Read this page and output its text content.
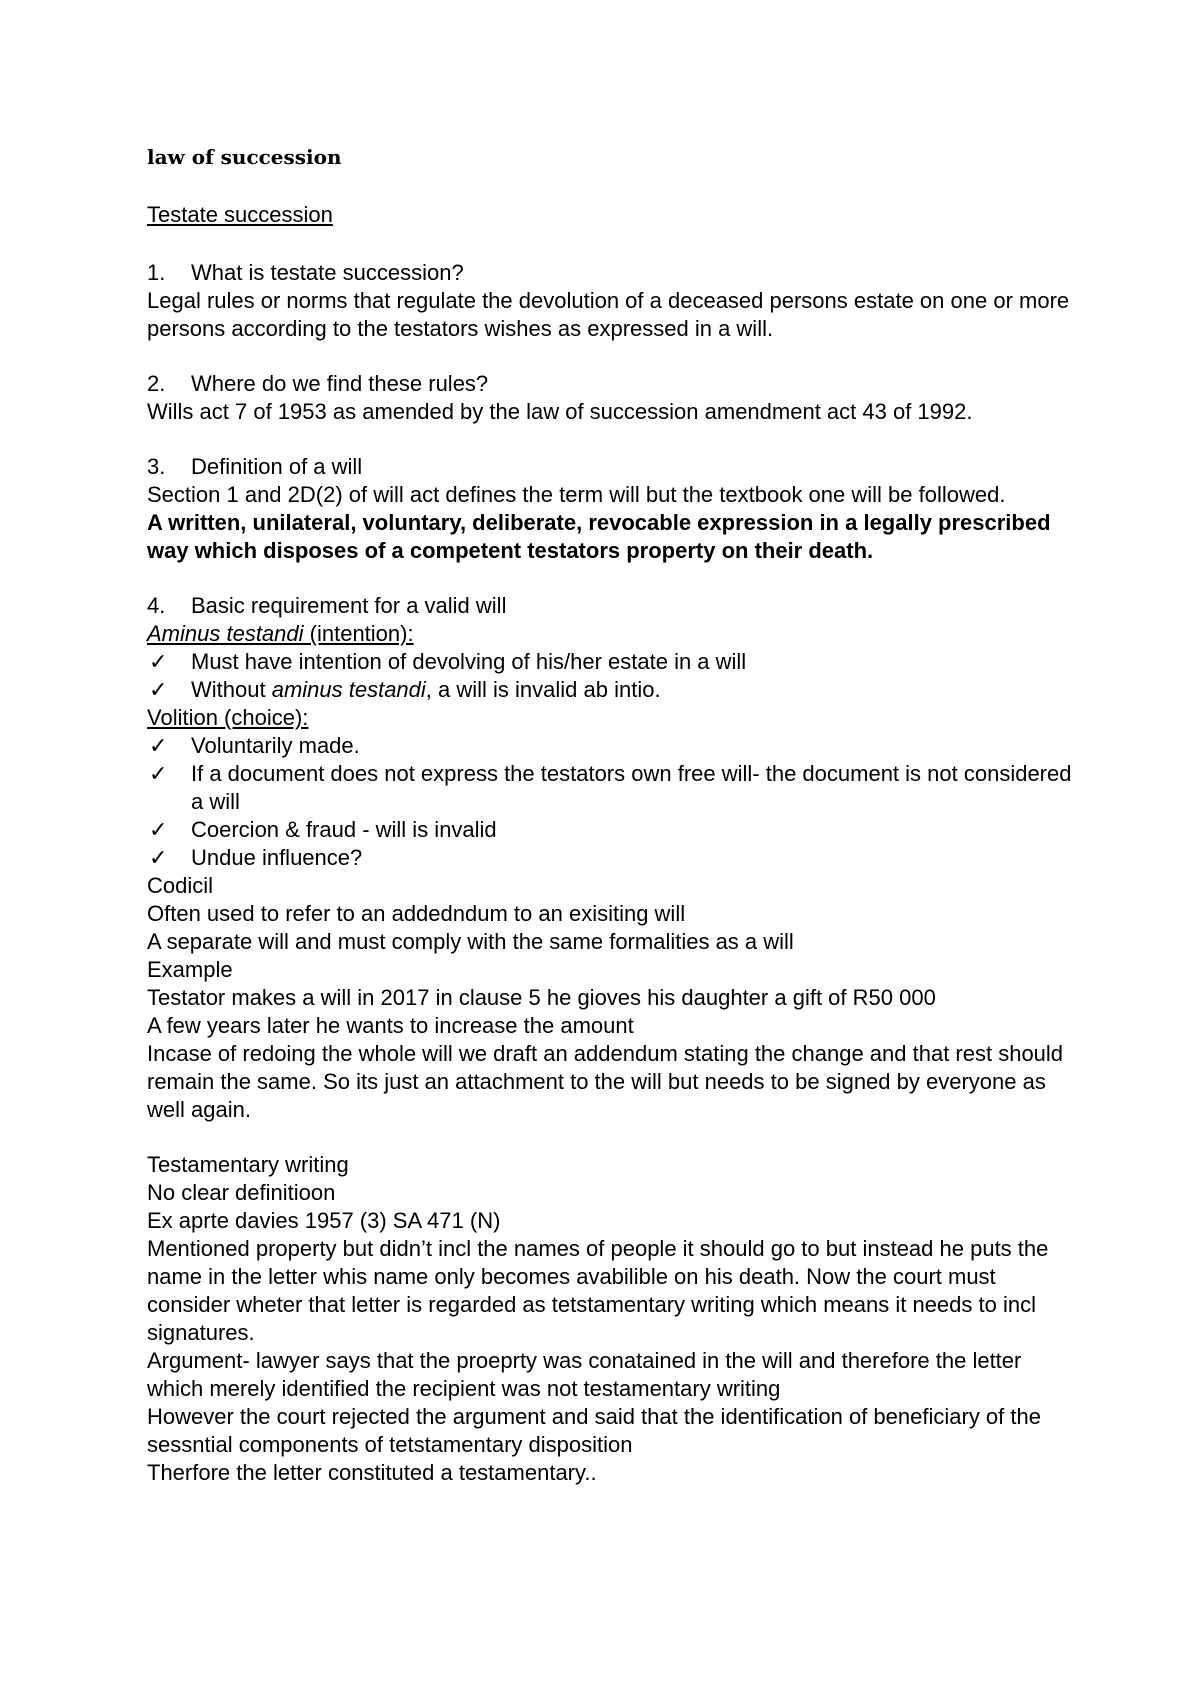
law of succession
Testate succession
1.	What is testate succession?

Legal rules or norms that regulate the devolution of a deceased persons estate on one or more persons according to the testators wishes as expressed in a will.

2.	Where do we find these rules?

Wills act 7 of 1953 as amended by the law of succession amendment act 43 of 1992.

3.	Definition of a will

Section 1 and 2D(2) of will act defines the term will but the textbook one will be followed.

A written, unilateral, voluntary, deliberate, revocable expression in a legally prescribed way which disposes of a competent testators property on their death.

4.	Basic requirement for a valid will

Aminus testandi (intention):

✓	Must have intention of devolving of his/her estate in a will
✓	Without aminus testandi, a will is invalid ab intio.

Volition (choice):

✓	Voluntarily made.
✓	If a document does not express the testators own free will- the document is not considered a will
✓	Coercion & fraud - will is invalid
✓	Undue influence?

Codicil

Often used to refer to an addedndum to an exisiting will

A separate will and must comply with the same formalities as a will

Example

Testator makes a will in 2017 in clause 5 he gioves his daughter a gift of R50 000

A few years later he wants to increase the amount

Incase of redoing the whole will we draft an addendum stating the change and that rest should remain the same. So its just an attachment to the will but needs to be signed by everyone as well again.

Testamentary writing

No clear definitioon

Ex aprte davies 1957 (3) SA 471 (N)

Mentioned property but didn’t incl the names of people it should go to but instead he puts the name in the letter whis name only becomes avabilible on his death. Now the court must consider wheter that letter is regarded as tetstamentary writing which means it needs to incl signatures.

Argument- lawyer says that the proeprty was conatained in the will and therefore the letter which merely identified the recipient was not testamentary writing

However the court rejected the argument and said that the identification of beneficiary of the sessntial components of tetstamentary disposition

Therfore the letter constituted a testamentary..
